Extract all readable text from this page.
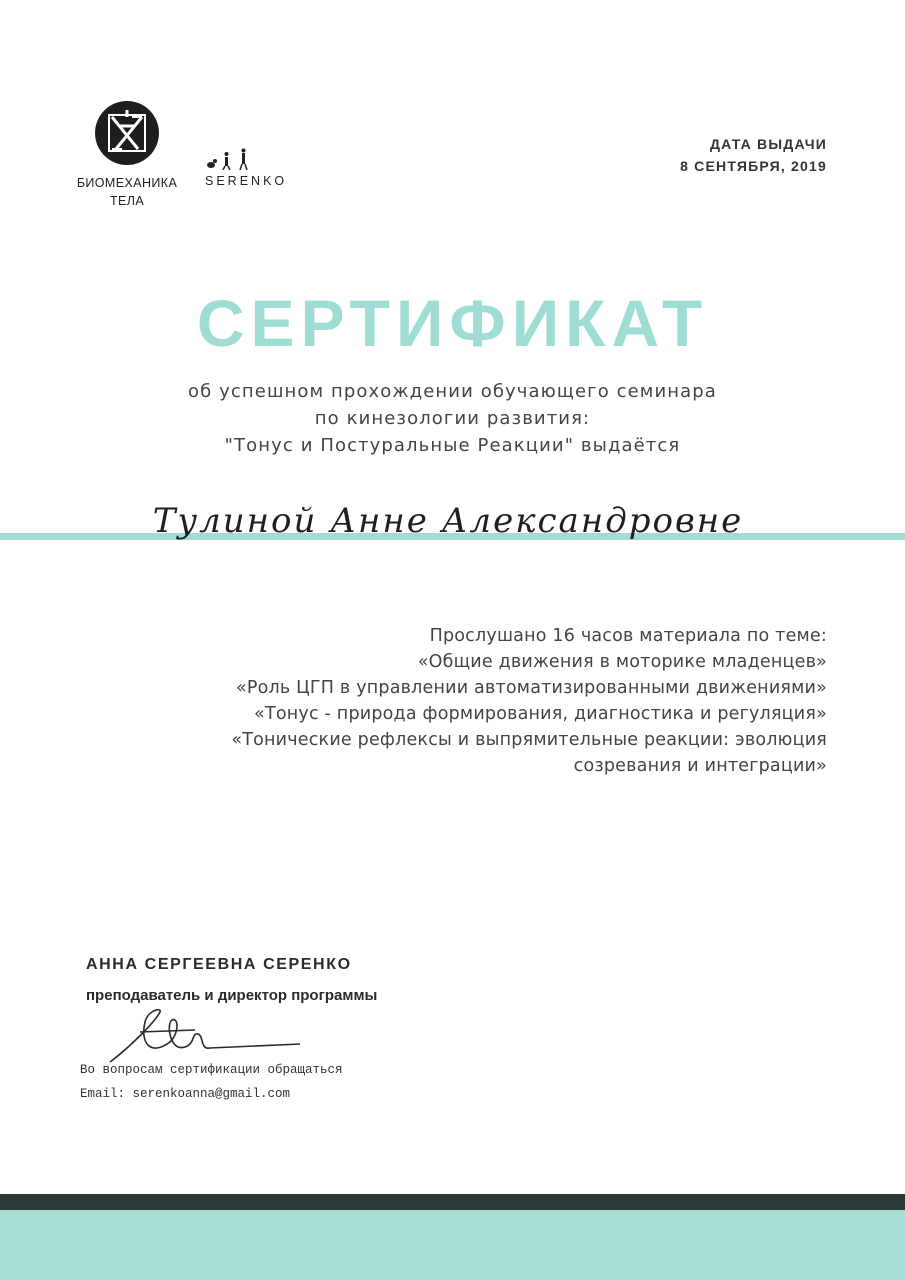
БИОМЕХАНИКА
ТЕЛА
SERENKO
ДАТА ВЫДАЧИ
8 СЕНТЯБРЯ, 2019
СЕРТИФИКАТ
об успешном прохождении обучающего семинара
по кинезологии развития:
"Тонус и Постуральные Реакции" выдаётся
Тулиной Анне Александровне
Прослушано 16 часов материала по теме:
«Общие движения в моторике младенцев»
«Роль ЦГП в управлении автоматизированными движениями»
«Тонус - природа формирования, диагностика и регуляция»
«Тонические рефлексы и выпрямительные реакции: эволюция
созревания и интеграции»
АННА СЕРГЕЕВНА СЕРЕНКО
преподаватель и директор программы
Во вопросам сертификации обращаться
Email: serenkoanna@gmail.com
